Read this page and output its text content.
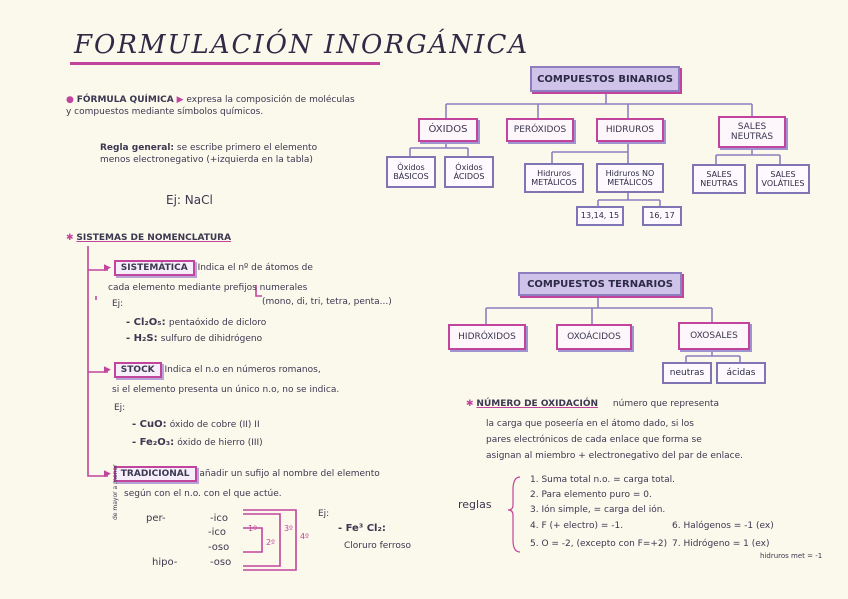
FORMULACIÓN INORGÁNICA
● FÓRMULA QUÍMICA ▶ expresa la composición de moléculas
y compuestos mediante símbolos químicos.
Regla general: se escribe primero el elemento
menos electronegativo (+izquierda en la tabla)
Ej: NaCl
✱ SISTEMAS DE NOMENCLATURA
▶ SISTEMÁTICA Indica el nº de átomos de
cada elemento mediante prefijos numerales
(mono, di, tri, tetra, penta...)
Ej:
- Cl₂O₅: pentaóxido de dicloro
- H₂S: sulfuro de dihidrógeno
▶ STOCK Indica el n.o en números romanos,
si el elemento presenta un único n.o, no se indica.
Ej:
- CuO: óxido de cobre (II) II
- Fe₂O₃: óxido de hierro (III)
▶ TRADICIONAL añadir un sufijo al nombre del elemento
según con el n.o. con el que actúe.
de mayor a menor	per-
hipo-
-ico
-ico
-oso
-oso
1º
2º
3º
4º
Ej:
- Fe³ Cl₂:
Cloruro ferroso
COMPUESTOS BINARIOS
ÓXIDOS	PERÓXIDOS	HIDRUROS	SALES NEUTRAS
Óxidos BÁSICOS
Óxidos ÁCIDOS	Hidruros METÁLICOS
Hidruros NO METÁLICOS
13,14, 15	16, 17
SALES NEUTRAS
SALES VOLÁTILES
COMPUESTOS TERNARIOS
HIDRÓXIDOS	OXOÁCIDOS	OXOSALES
neutras	ácidas
✱ NÚMERO DE OXIDACIÓN número que representa
la carga que poseería en el átomo dado, si los
pares electrónicos de cada enlace que forma se
asignan al miembro + electronegativo del par de enlace.
reglas
1. Suma total n.o. = carga total.
2. Para elemento puro = 0.
3. Ión simple, = carga del ión.
4. F (+ electro) = -1.
5. O = -2, (excepto con F=+2)
6. Halógenos = -1 (ex)
7. Hidrógeno = 1 (ex)
hidruros met = -1
